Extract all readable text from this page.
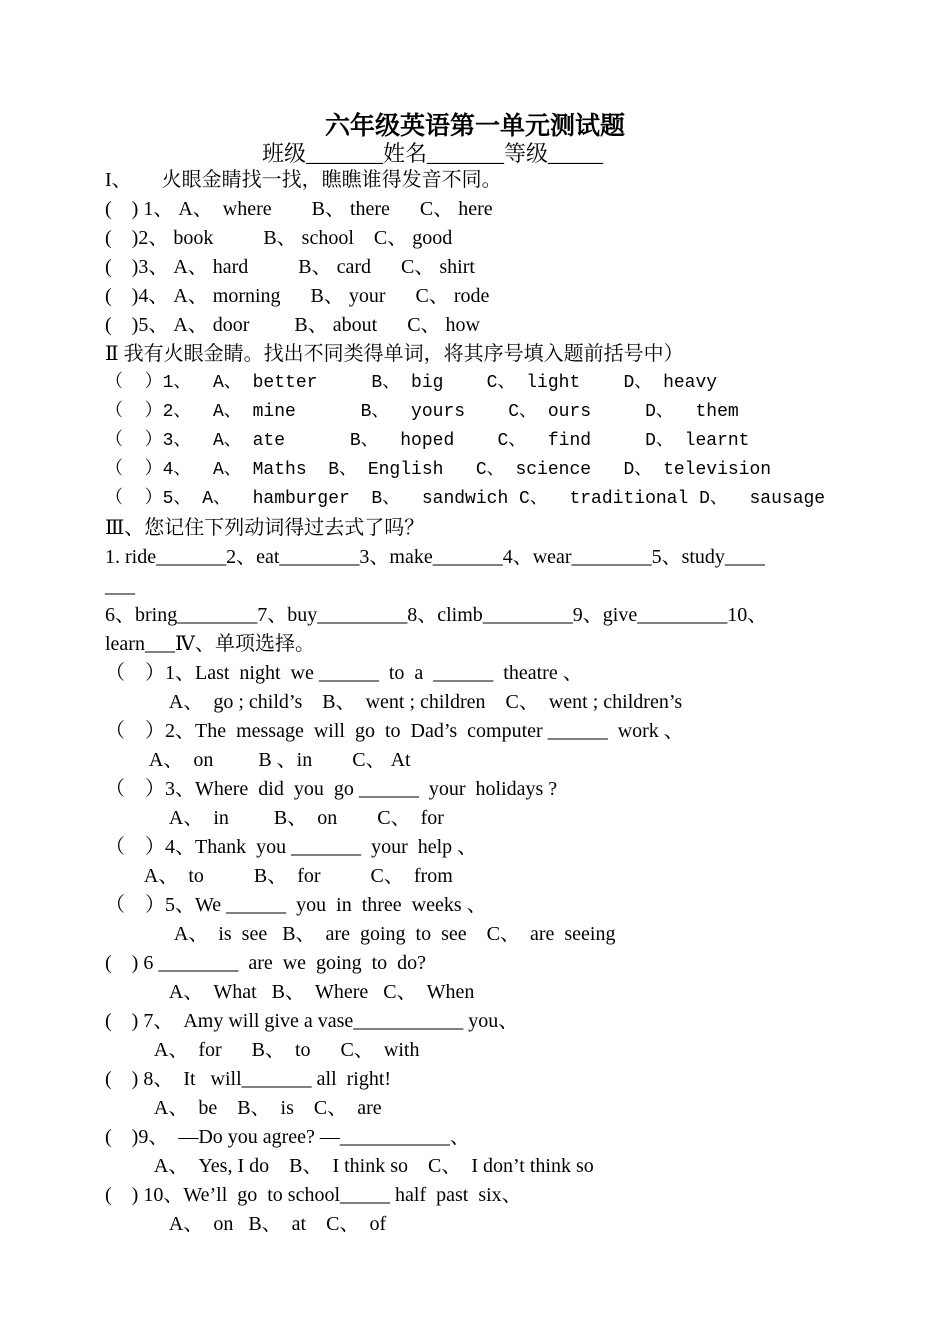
六年级英语第一单元测试题
班级_______姓名_______等级_____
I、      火眼金睛找一找，瞧瞧谁得发音不同。
(    ) 1、 A、  where        B、 there      C、 here
(    )2、 book          B、 school    C、 good
(    )3、 A、 hard          B、 card      C、 shirt
(    )4、 A、 morning      B、 your      C、 rode
(    )5、 A、 door         B、 about      C、 how
Ⅱ 我有火眼金睛。找出不同类得单词，将其序号填入题前括号中）
（  ）1、  A、 better     B、 big    C、 light    D、 heavy
（  ）2、  A、 mine      B、  yours    C、 ours     D、  them
（  ）3、  A、 ate      B、  hoped    C、  find     D、 learnt
（  ）4、  A、 Maths  B、 English   C、 science   D、 television
（  ）5、 A、  hamburger  B、  sandwich C、  traditional D、  sausage
Ⅲ、您记住下列动词得过去式了吗？
1. ride_______2、eat________3、make_______4、wear________5、study____
___
6、bring________7、buy_________8、climb_________9、give_________10、
learn___Ⅳ、单项选择。
（    ）1、Last  night  we ______  to  a  ______  theatre 、
A、  go ; child’s    B、  went ; children    C、  went ; children’s
（    ）2、The  message  will  go  to  Dad’s  computer ______  work 、
A、  on         B 、in        C、 At
（    ）3、Where  did  you  go ______  your  holidays ?
A、  in         B、  on        C、  for
（    ）4、Thank  you _______  your  help 、
A、  to          B、  for          C、  from
（    ）5、We ______  you  in  three  weeks 、
A、  is  see   B、  are  going  to  see    C、  are  seeing
(    ) 6 ________  are  we  going  to  do?
A、  What   B、  Where   C、  When
(    ) 7、  Amy will give a vase___________ you、
A、  for      B、  to      C、  with
(    ) 8、  It   will_______ all  right!
A、  be    B、  is    C、  are
(    )9、  —Do you agree? —___________、
A、  Yes, I do    B、  I think so    C、  I don’t think so
(    ) 10、We’ll  go  to school_____ half  past  six、
A、  on   B、  at    C、  of
